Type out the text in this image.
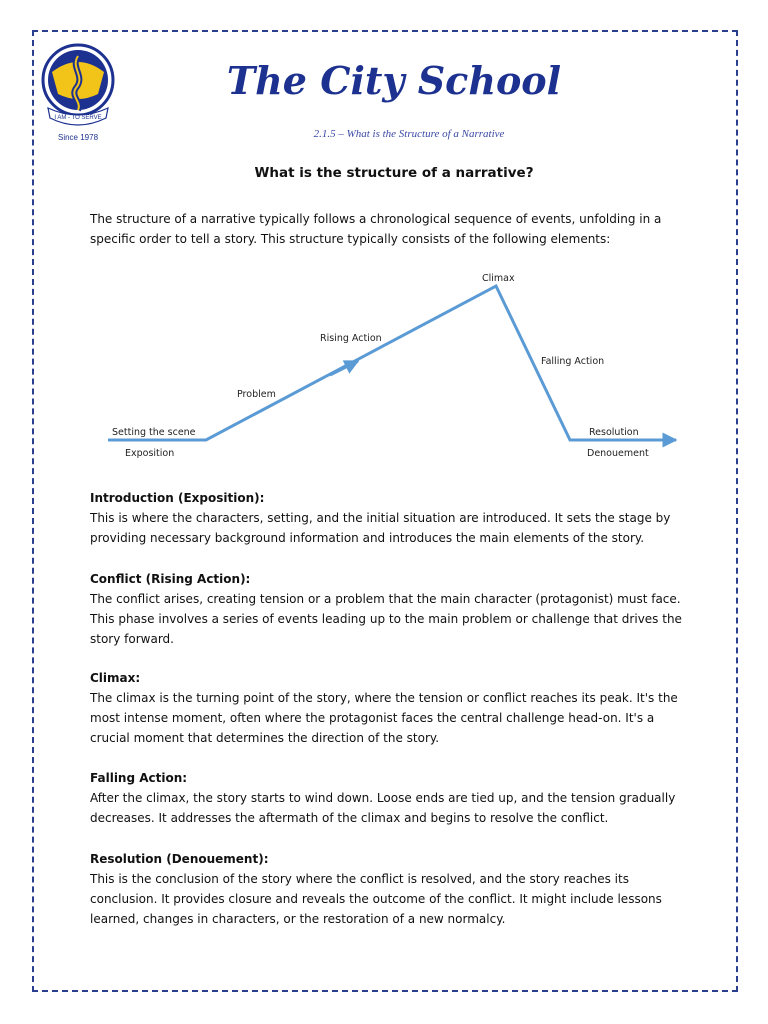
I AM - TO SERVE
Since 1978
The City School
2.1.5 – What is the Structure of a Narrative
What is the structure of a narrative?
The structure of a narrative typically follows a chronological sequence of events, unfolding in a specific order to tell a story. This structure typically consists of the following elements:
Setting the scene
Exposition
Problem
Rising Action
Climax
Falling Action
Resolution
Denouement
Introduction (Exposition):

This is where the characters, setting, and the initial situation are introduced. It sets the stage by providing necessary background information and introduces the main elements of the story.

Conflict (Rising Action):

The conflict arises, creating tension or a problem that the main character (protagonist) must face. This phase involves a series of events leading up to the main problem or challenge that drives the story forward.

Climax:

The climax is the turning point of the story, where the tension or conflict reaches its peak. It's the most intense moment, often where the protagonist faces the central challenge head-on. It's a crucial moment that determines the direction of the story.

Falling Action:

After the climax, the story starts to wind down. Loose ends are tied up, and the tension gradually decreases. It addresses the aftermath of the climax and begins to resolve the conflict.

Resolution (Denouement):

This is the conclusion of the story where the conflict is resolved, and the story reaches its conclusion. It provides closure and reveals the outcome of the conflict. It might include lessons learned, changes in characters, or the restoration of a new normalcy.
